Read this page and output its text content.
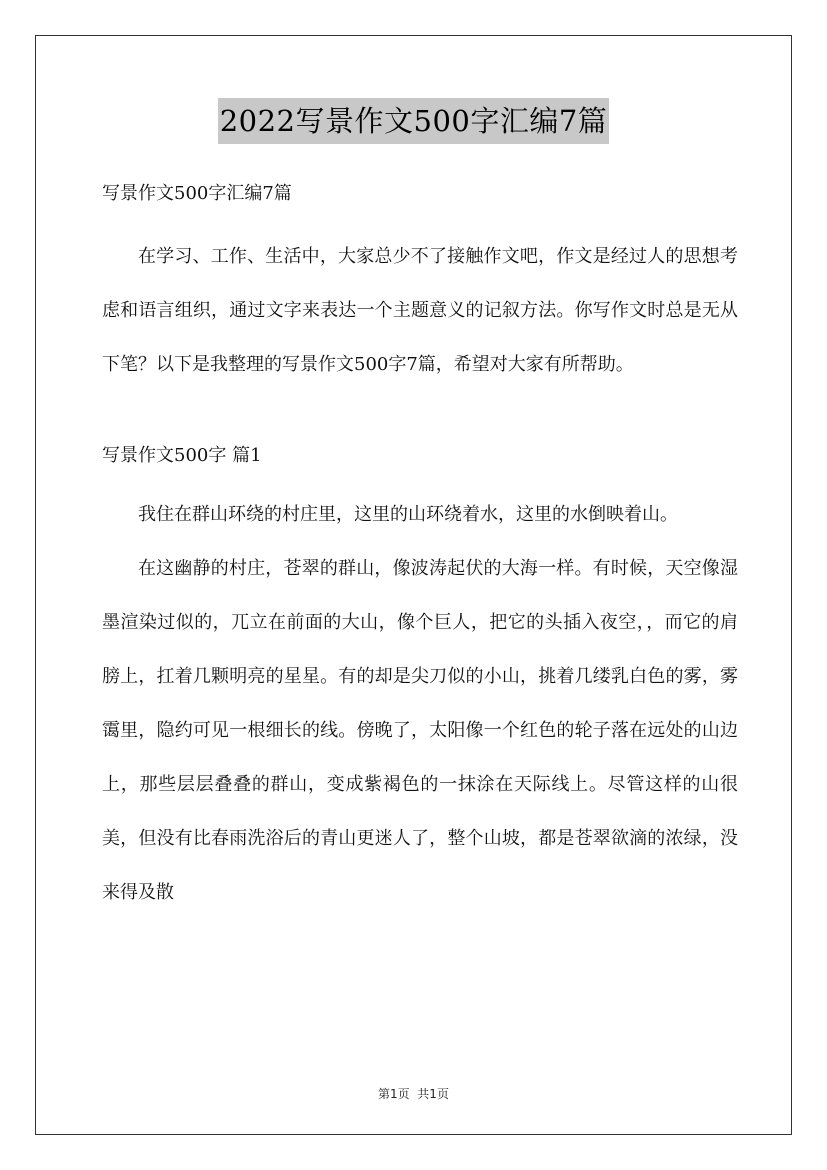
2022写景作文500字汇编7篇

写景作文500字汇编7篇

在学习、工作、生活中，大家总少不了接触作文吧，作文是经过人的思想考虑和语言组织，通过文字来表达一个主题意义的记叙方法。你写作文时总是无从下笔？以下是我整理的写景作文500字7篇，希望对大家有所帮助。

写景作文500字 篇1

我住在群山环绕的村庄里，这里的山环绕着水，这里的水倒映着山。

在这幽静的村庄，苍翠的群山，像波涛起伏的大海一样。有时候，天空像湿墨渲染过似的，兀立在前面的大山，像个巨人，把它的头插入夜空，，而它的肩膀上，扛着几颗明亮的星星。有的却是尖刀似的小山，挑着几缕乳白色的雾，雾霭里，隐约可见一根细长的线。傍晚了，太阳像一个红色的轮子落在远处的山边上，那些层层叠叠的群山，变成紫褐色的一抹涂在天际线上。尽管这样的山很美，但没有比春雨洗浴后的青山更迷人了，整个山坡，都是苍翠欲滴的浓绿，没来得及散

第1页  共1页
